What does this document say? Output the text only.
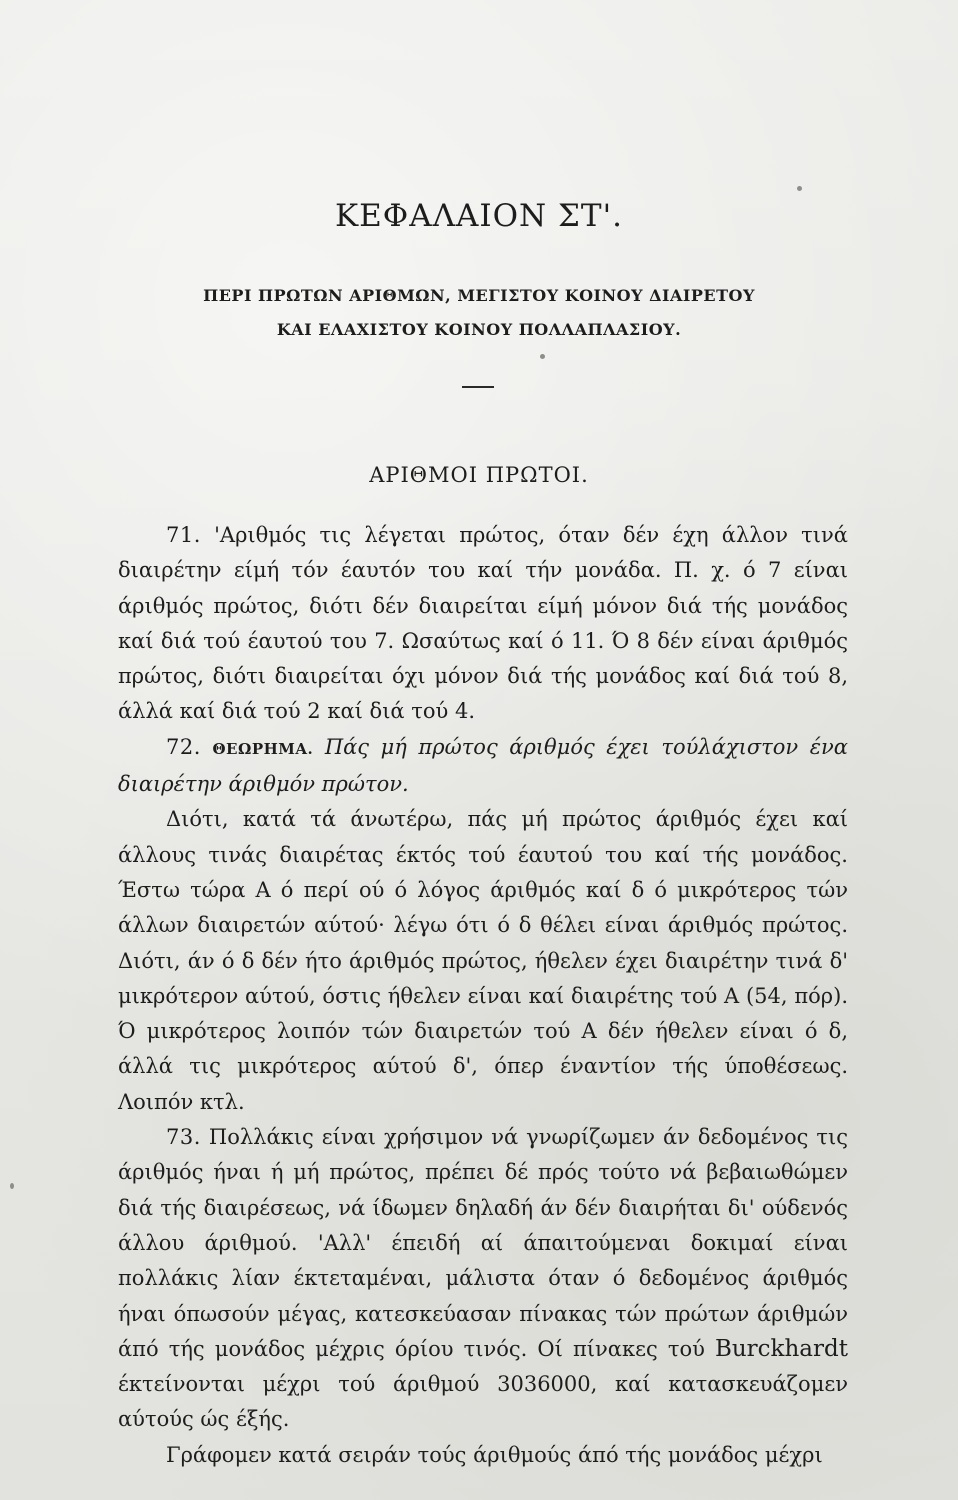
ΚΕΦΑΛΑΙΟΝ ΣΤ'.
ΠΕΡΙ ΠΡΩΤΩΝ ΑΡΙΘΜΩΝ, ΜΕΓΙΣΤΟΥ ΚΟΙΝΟΥ ΔΙΑΙΡΕΤΟΥ
ΚΑΙ ΕΛΑΧΙΣΤΟΥ ΚΟΙΝΟΥ ΠΟΛΛΑΠΛΑΣΙΟΥ.
ΑΡΙΘΜΟΙ ΠΡΩΤΟΙ.

71. 'Αριθμός τις λέγεται πρώτος, όταν δέν έχη άλλον τινά διαιρέτην είμή τόν έαυτόν του καί τήν μονάδα. Π. χ. ό 7 είναι άριθμός πρώτος, διότι δέν διαιρείται είμή μόνον διά τής μονάδος καί διά τού έαυτού του 7. Ωσαύτως καί ό 11. Ό 8 δέν είναι άριθμός πρώτος, διότι διαιρείται όχι μόνον διά τής μονάδος καί διά τού 8, άλλά καί διά τού 2 καί διά τού 4.

72. ΘΕΩΡΗΜΑ. Πάς μή πρώτος άριθμός έχει τούλάχιστον ένα διαιρέτην άριθμόν πρώτον.

Διότι, κατά τά άνωτέρω, πάς μή πρώτος άριθμός έχει καί άλλους τινάς διαιρέτας έκτός τού έαυτού του καί τής μονάδος. Έστω τώρα Α ό περί ού ό λόγος άριθμός καί δ ό μικρότερος τών άλλων διαιρετών αύτού· λέγω ότι ό δ θέλει είναι άριθμός πρώτος. Διότι, άν ό δ δέν ήτο άριθμός πρώτος, ήθελεν έχει διαιρέτην τινά δ' μικρότερον αύτού, όστις ήθελεν είναι καί διαιρέτης τού Α (54, πόρ). Ό μικρότερος λοιπόν τών διαιρετών τού Α δέν ήθελεν είναι ό δ, άλλά τις μικρότερος αύτού δ', όπερ έναντίον τής ύποθέσεως. Λοιπόν κτλ.

73. Πολλάκις είναι χρήσιμον νά γνωρίζωμεν άν δεδομένος τις άριθμός ήναι ή μή πρώτος, πρέπει δέ πρός τούτο νά βεβαιωθώμεν διά τής διαιρέσεως, νά ίδωμεν δηλαδή άν δέν διαιρήται δι' ούδενός άλλου άριθμού. 'Αλλ' έπειδή αί άπαιτούμεναι δοκιμαί είναι πολλάκις λίαν έκτεταμέναι, μάλιστα όταν ό δεδομένος άριθμός ήναι όπωσούν μέγας, κατεσκεύασαν πίνακας τών πρώτων άριθμών άπό τής μονάδος μέχρις όρίου τινός. Οί πίνακες τού Burckhardt έκτείνονται μέχρι τού άριθμού 3036000, καί κατασκευάζομεν αύτούς ώς έξής.

Γράφομεν κατά σειράν τούς άριθμούς άπό τής μονάδος μέχρι
